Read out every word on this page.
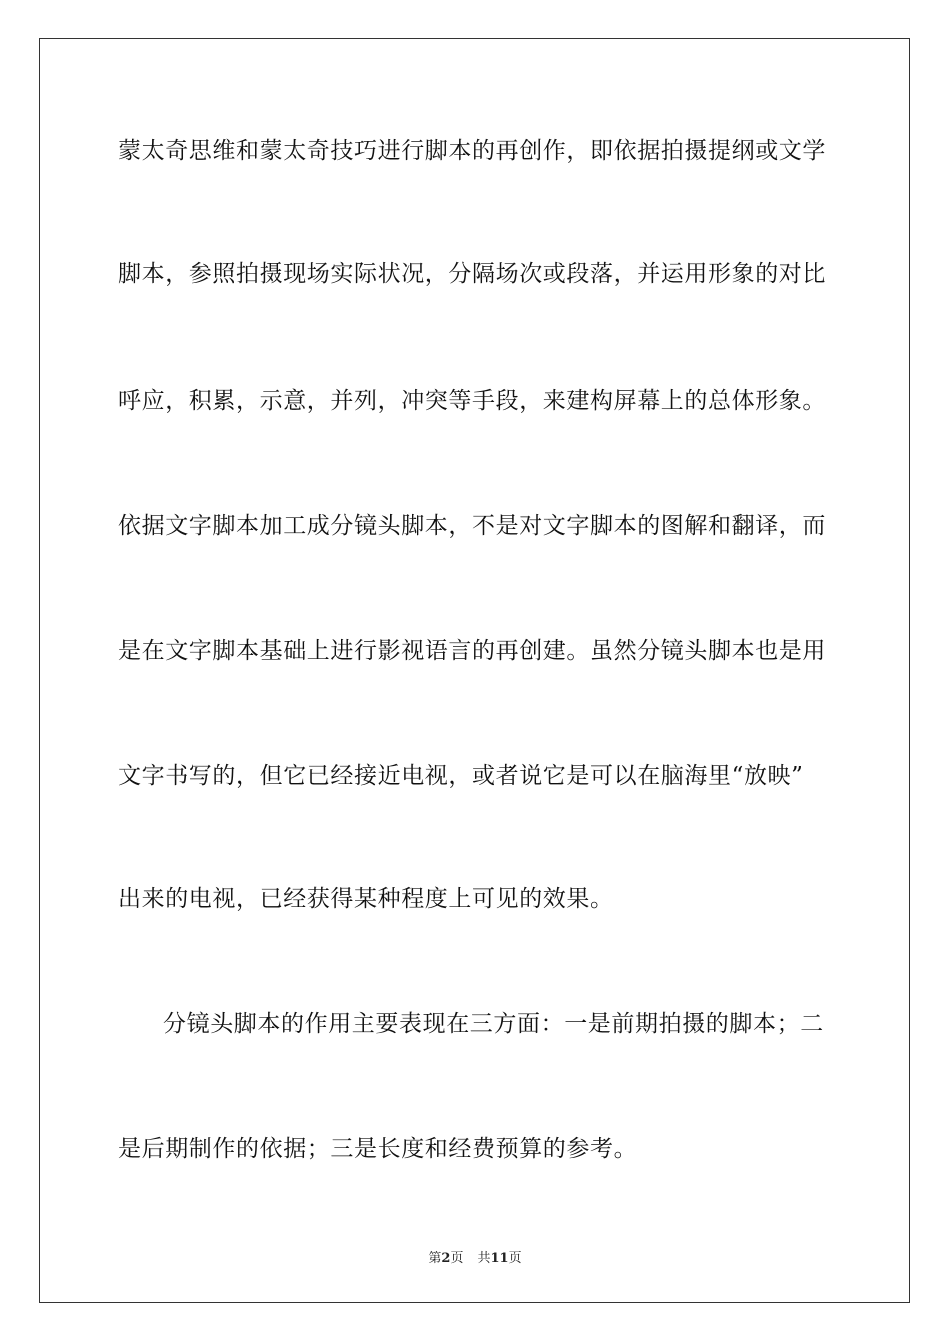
蒙太奇思维和蒙太奇技巧进行脚本的再创作，即依据拍摄提纲或文学
脚本，参照拍摄现场实际状况，分隔场次或段落，并运用形象的对比
呼应，积累，示意，并列，冲突等手段，来建构屏幕上的总体形象。
依据文字脚本加工成分镜头脚本，不是对文字脚本的图解和翻译，而
是在文字脚本基础上进行影视语言的再创建。虽然分镜头脚本也是用
文字书写的，但它已经接近电视，或者说它是可以在脑海里“放映”
出来的电视，已经获得某种程度上可见的效果。
分镜头脚本的作用主要表现在三方面：一是前期拍摄的脚本；二
是后期制作的依据；三是长度和经费预算的参考。
第2页 共11页
